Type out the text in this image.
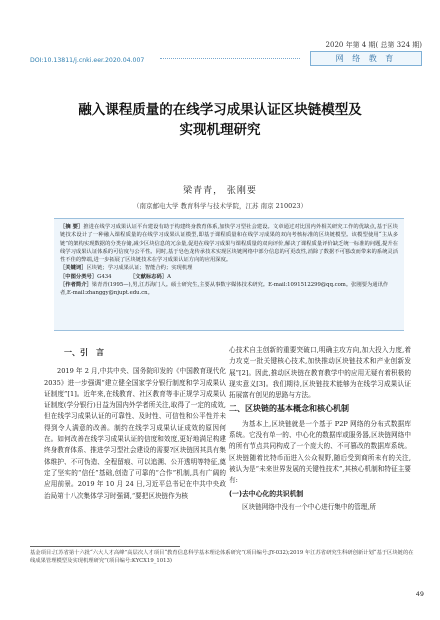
2020 年第 4 期( 总第 324 期)
DOI:10.13811/j.cnki.eer.2020.04.007	网 络 教 育
融入课程质量的在线学习成果认证区块链模型及
实现机理研究
梁青青， 张刚要
（南京邮电大学 教育科学与技术学院，江苏 南京 210023）

［摘 要］推进在线学习成果认证平台建设有助于构建终身教育体系,加快学习型社会建设。文章通过对比国内外相关研究工作的优缺点,基于区块链技术设计了一种融入课程质量的在线学习成果认证模型,即基于课程质量和在线学习成果的双向考核标准的区块链模型。该模型使用“主从多链”的架构实现数据的分类存储,减少区块信息的冗余量,促进在线学习成果与课程质量的双向评价,解决了课程质量评价缺乏统一标准的问题,提升在线学习成果认证体系的可信度与公平性。同时,基于皂色龙传承技术实现区块链网络中部分信息的可更改性,消除了数据不可篡改而带来的系统灵活性不佳的弊端,进一步拓展了区块链技术在学习成果认证方向的应用深度。

［关键词］区块链；学习成果认证；智能合约；实现机理
［中图分类号］G434　　　　	［文献标志码］A
［作者简介］梁青青(1995—),男,江苏海门人。硕士研究生,主要从事数字媒体技术研究。E-mail:1091512299@qq.com。张刚要为通讯作者,E-mail:zhanggy@njupt.edu.cn。
一、引　言

2019 年 2 月,中共中央、国务院印发的《中国教育现代化 2035》进一步强调“建立健全国家学分银行制度和学习成果认证制度”[1]。近年来,在线教育、社区教育等非正规学习成果认证制度(学分银行)日益为国内外学者所关注,取得了一定的成效,但在线学习成果认证的可靠性、及时性、可信性和公平性并未得到令人满意的改善。制约在线学习成果认证成效的原因何在。如何改善在线学习成果认证的信度和效度,更好地满足构建终身教育体系、推进学习型社会建设的需要?区块链因其具有集体维护、不可伪造、全程留痕、可以追溯、公开透明等特征,奠定了坚实的“信任”基础,创造了可靠的“合作”机制,具有广阔的应用前景。2019 年 10 月 24 日,习近平总书记在中共中央政治局第十八次集体学习时强调,“要把区块链作为核

心技术自主创新的重要突破口,明确主攻方向,加大投入力度,着力攻克一批关键核心技术,加快推动区块链技术和产业创新发展”[2]。因此,推动区块链在教育教学中的应用无疑有着积极的现实意义[3]。我们期待,区块链技术能够为在线学习成果认证拓展富有创见的思路与方法。

二、区块链的基本概念和核心机制

为基本上,区块链就是一个基于 P2P 网络的分布式数据库系统。它没有单一的、中心化的数据库或服务器,区块链网络中的所有节点共同构成了一个庞大的、不可篡改的数据库系统。区块链随着比特币而进入公众视野,随后受到商所未有的关注,被认为是“未来世界发展的关键性技术”,其核心机制和特征主要有:

(一)去中心化的共识机制

区块链网络中没有一个中心进行集中的管理,所

基金项目:江苏省第十六批“六大人才高峰”高层次人才项目“教育信息科学基本理论体系研究”(项目编号:JY-032);2019 年江苏省研究生科研创新计划“基于区块链的在线成果管理模型及实现机理研究”(项目编号:KYCX19_1013)
49
